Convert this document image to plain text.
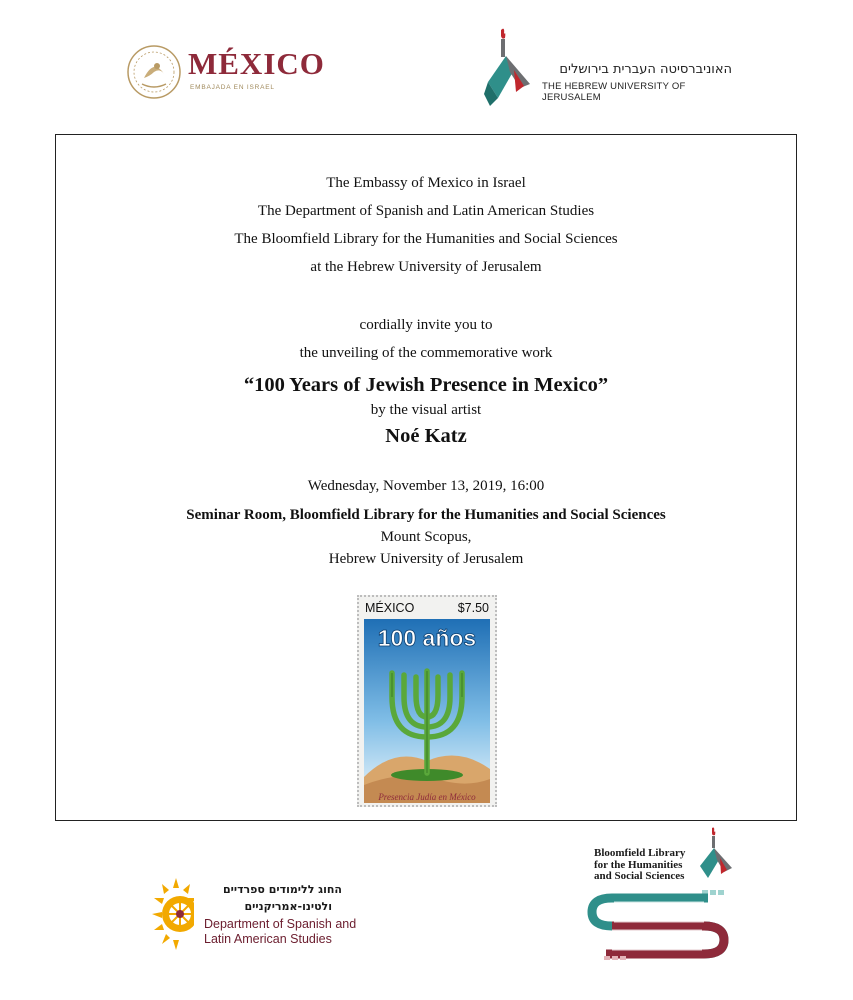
MÉXICO
EMBAJADA EN ISRAEL
האוניברסיטה העברית בירושלים
THE HEBREW UNIVERSITY OF JERUSALEM
The Embassy of Mexico in Israel
The Department of Spanish and Latin American Studies
The Bloomfield Library for the Humanities and Social Sciences
at the Hebrew University of Jerusalem
cordially invite you to
the unveiling of the commemorative work
“100 Years of Jewish Presence in Mexico”
by the visual artist
Noé Katz
Wednesday, November 13, 2019, 16:00
Seminar Room, Bloomfield Library for the Humanities and Social Sciences
Mount Scopus,
Hebrew University of Jerusalem
MÉXICO	$7.50
100 años
Presencia Judía en México
החוג ללימודים ספרדיים
ולטינו-אמריקניים
Department of Spanish and
Latin American Studies
Bloomfield Library
for the Humanities
and Social Sciences
